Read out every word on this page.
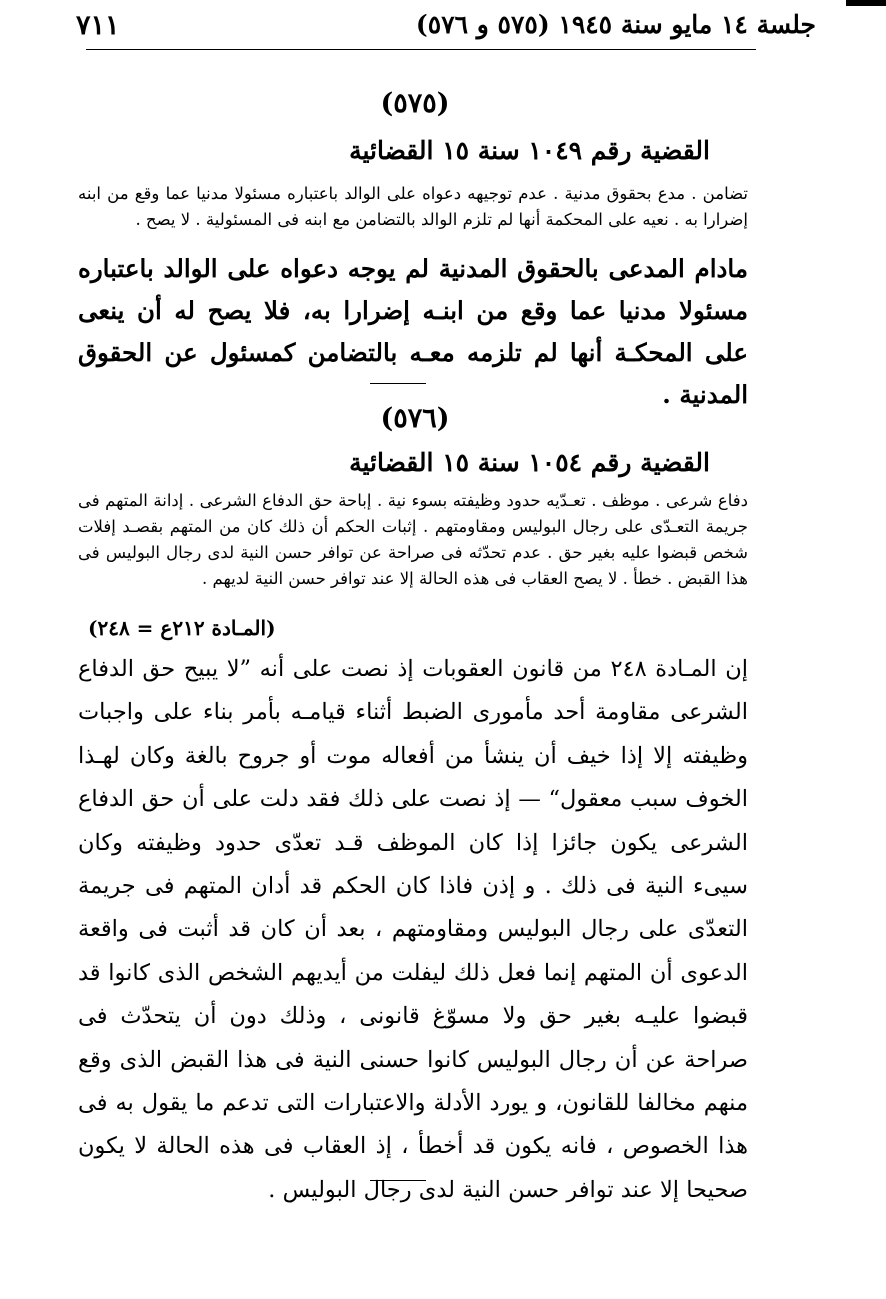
جلسة ١٤ مايو سنة ١٩٤٥ (٥٧٥ و ٥٧٦)
٧١١
(٥٧٥)
القضية رقم ١٠٤٩ سنة ١٥ القضائية

تضامن . مدع بحقوق مدنية . عدم توجيهه دعواه على الوالد باعتباره مسئولا مدنيا عما وقع من ابنه إضرارا به . نعيه على المحكمة أنها لم تلزم الوالد بالتضامن مع ابنه فى المسئولية . لا يصح .

مادام المدعى بالحقوق المدنية لم يوجه دعواه على الوالد باعتباره مسئولا مدنيا عما وقع من ابنـه إضرارا به، فلا يصح له أن ينعى على المحكـة أنها لم تلزمه معـه بالتضامن كمسئول عن الحقوق المدنية .

(٥٧٦)
القضية رقم ١٠٥٤ سنة ١٥ القضائية

دفاع شرعى . موظف . تعـدّيه حدود وظيفته بسوء نية . إباحة حق الدفاع الشرعى . إدانة المتهم فى جريمة التعـدّى على رجال البوليس ومقاومتهم . إثبات الحكم أن ذلك كان من المتهم بقصـد إفلات شخص قبضوا عليه بغير حق . عدم تحدّثه فى صراحة عن توافر حسن النية لدى رجال البوليس فى هذا القبض . خطأ . لا يصح العقاب فى هذه الحالة إلا عند توافر حسن النية لديهم .

(المـادة ٢١٢ع = ٢٤٨)

إن المـادة ٢٤٨ من قانون العقوبات إذ نصت على أنه ”لا يبيح حق الدفاع الشرعى مقاومة أحد مأمورى الضبط أثناء قيامـه بأمر بناء على واجبات وظيفته إلا إذا خيف أن ينشأ من أفعاله موت أو جروح بالغة وكان لهـذا الخوف سبب معقول“ — إذ نصت على ذلك فقد دلت على أن حق الدفاع الشرعى يكون جائزا إذا كان الموظف قـد تعدّى حدود وظيفته وكان سيىء النية فى ذلك . و إذن فاذا كان الحكم قد أدان المتهم فى جريمة التعدّى على رجال البوليس ومقاومتهم ، بعد أن كان قد أثبت فى واقعة الدعوى أن المتهم إنما فعل ذلك ليفلت من أيديهم الشخص الذى كانوا قد قبضوا عليـه بغير حق ولا مسوّغ قانونى ، وذلك دون أن يتحدّث فى صراحة عن أن رجال البوليس كانوا حسنى النية فى هذا القبض الذى وقع منهم مخالفا للقانون، و يورد الأدلة والاعتبارات التى تدعم ما يقول به فى هذا الخصوص ، فانه يكون قد أخطأ ، إذ العقاب فى هذه الحالة لا يكون صحيحا إلا عند توافر حسن النية لدى رجال البوليس .
